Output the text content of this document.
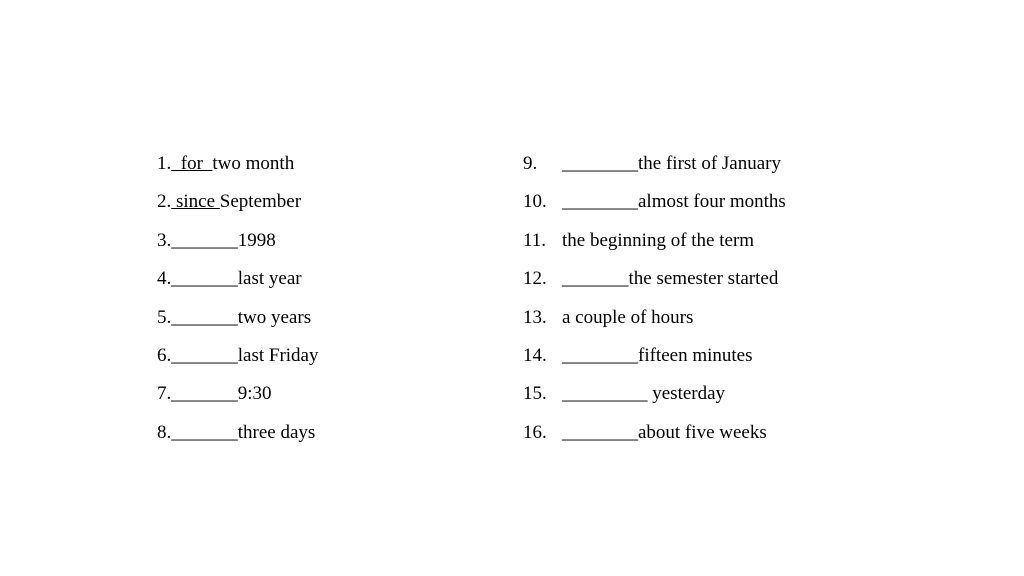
1.  for  two month
2. since September
3._______1998
4._______last year
5._______two years
6._______last Friday
7._______9:30
8._______three days
9. ________the first of January
10. ________almost four months
11. the beginning of the term
12. _______the semester started
13. a couple of hours
14. ________fifteen minutes
15. _________ yesterday
16. ________about five weeks
